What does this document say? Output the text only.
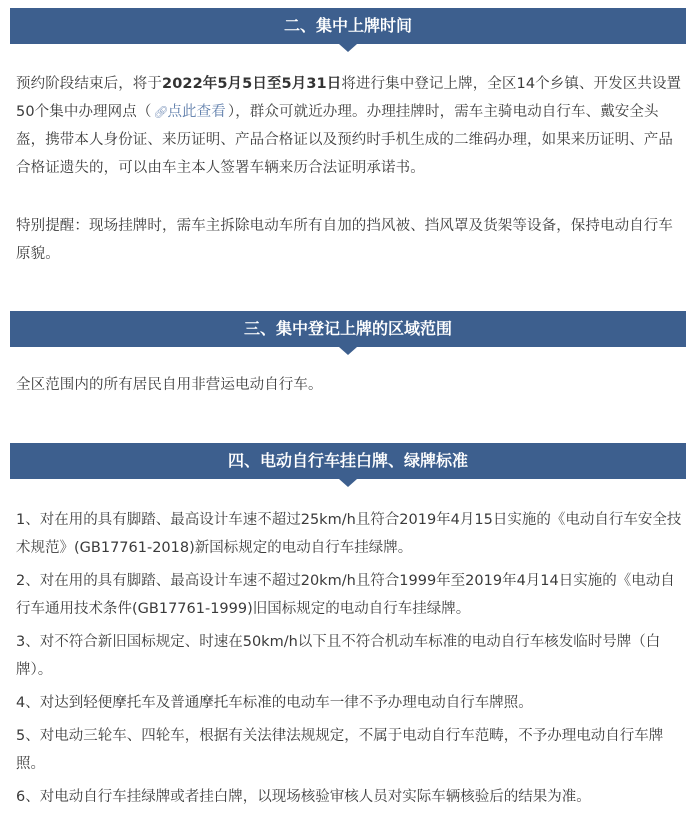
二、集中上牌时间
预约阶段结束后，将于2022年5月5日至5月31日将进行集中登记上牌，全区14个乡镇、开发区共设置50个集中办理网点（ 🔗︎点此查看 ），群众可就近办理。办理挂牌时，需车主骑电动自行车、戴安全头盔，携带本人身份证、来历证明、产品合格证以及预约时手机生成的二维码办理，如果来历证明、产品合格证遗失的，可以由车主本人签署车辆来历合法证明承诺书。
特别提醒：现场挂牌时，需车主拆除电动车所有自加的挡风被、挡风罩及货架等设备，保持电动自行车原貌。
三、集中登记上牌的区域范围
全区范围内的所有居民自用非营运电动自行车。
四、电动自行车挂白牌、绿牌标准
1、对在用的具有脚踏、最高设计车速不超过25km/h且符合2019年4月15日实施的《电动自行车安全技术规范》(GB17761-2018)新国标规定的电动自行车挂绿牌。
2、对在用的具有脚踏、最高设计车速不超过20km/h且符合1999年至2019年4月14日实施的《电动自行车通用技术条件(GB17761-1999)旧国标规定的电动自行车挂绿牌。
3、对不符合新旧国标规定、时速在50km/h以下且不符合机动车标准的电动自行车核发临时号牌（白牌）。
4、对达到轻便摩托车及普通摩托车标准的电动车一律不予办理电动自行车牌照。
5、对电动三轮车、四轮车，根据有关法律法规规定，不属于电动自行车范畴，不予办理电动自行车牌照。
6、对电动自行车挂绿牌或者挂白牌，以现场核验审核人员对实际车辆核验后的结果为准。
